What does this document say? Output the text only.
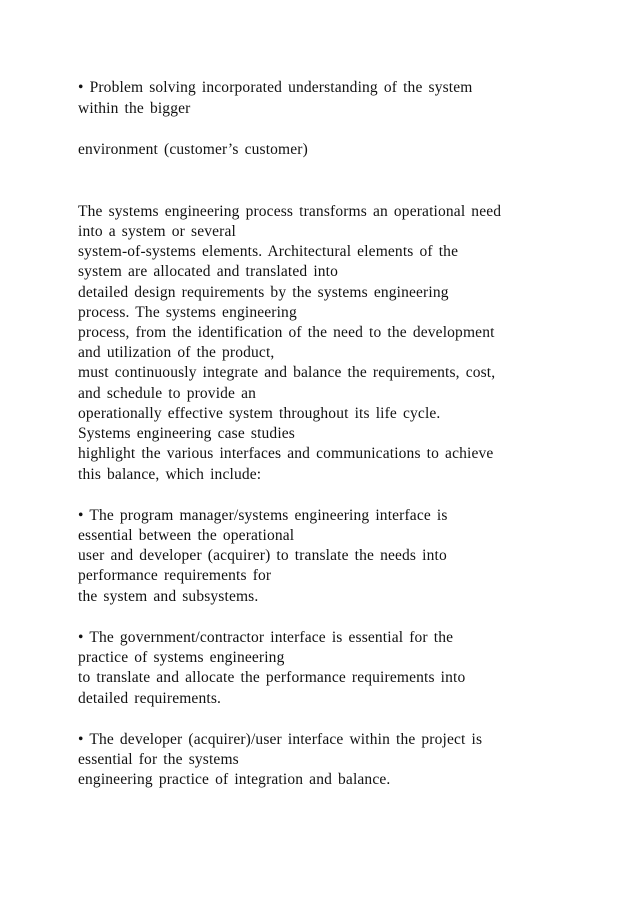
• Problem solving incorporated understanding of the system
within the bigger
environment (customer’s customer)
The systems engineering process transforms an operational need
into a system or several
system-of-systems elements. Architectural elements of the
system are allocated and translated into
detailed design requirements by the systems engineering
process. The systems engineering
process, from the identification of the need to the development
and utilization of the product,
must continuously integrate and balance the requirements, cost,
and schedule to provide an
operationally effective system throughout its life cycle.
Systems engineering case studies
highlight the various interfaces and communications to achieve
this balance, which include:
• The program manager/systems engineering interface is
essential between the operational
user and developer (acquirer) to translate the needs into
performance requirements for
the system and subsystems.
• The government/contractor interface is essential for the
practice of systems engineering
to translate and allocate the performance requirements into
detailed requirements.
• The developer (acquirer)/user interface within the project is
essential for the systems
engineering practice of integration and balance.
